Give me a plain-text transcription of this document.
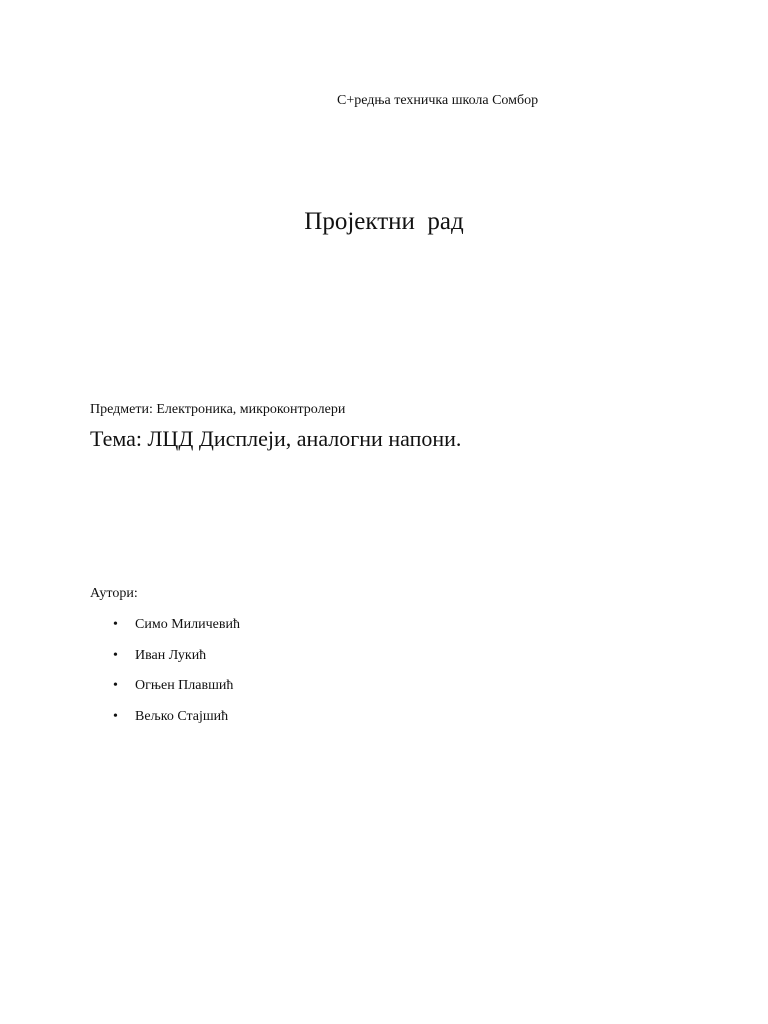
С+редња техничка школа Сомбор
Пројектни  рад
Предмети: Електроника, микроконтролери
Тема: ЛЦД Дисплеји, аналогни напони.
Аутори:
• Симо Миличевић
• Иван Лукић
• Огњен Плавшић
• Вељко Стајшић
